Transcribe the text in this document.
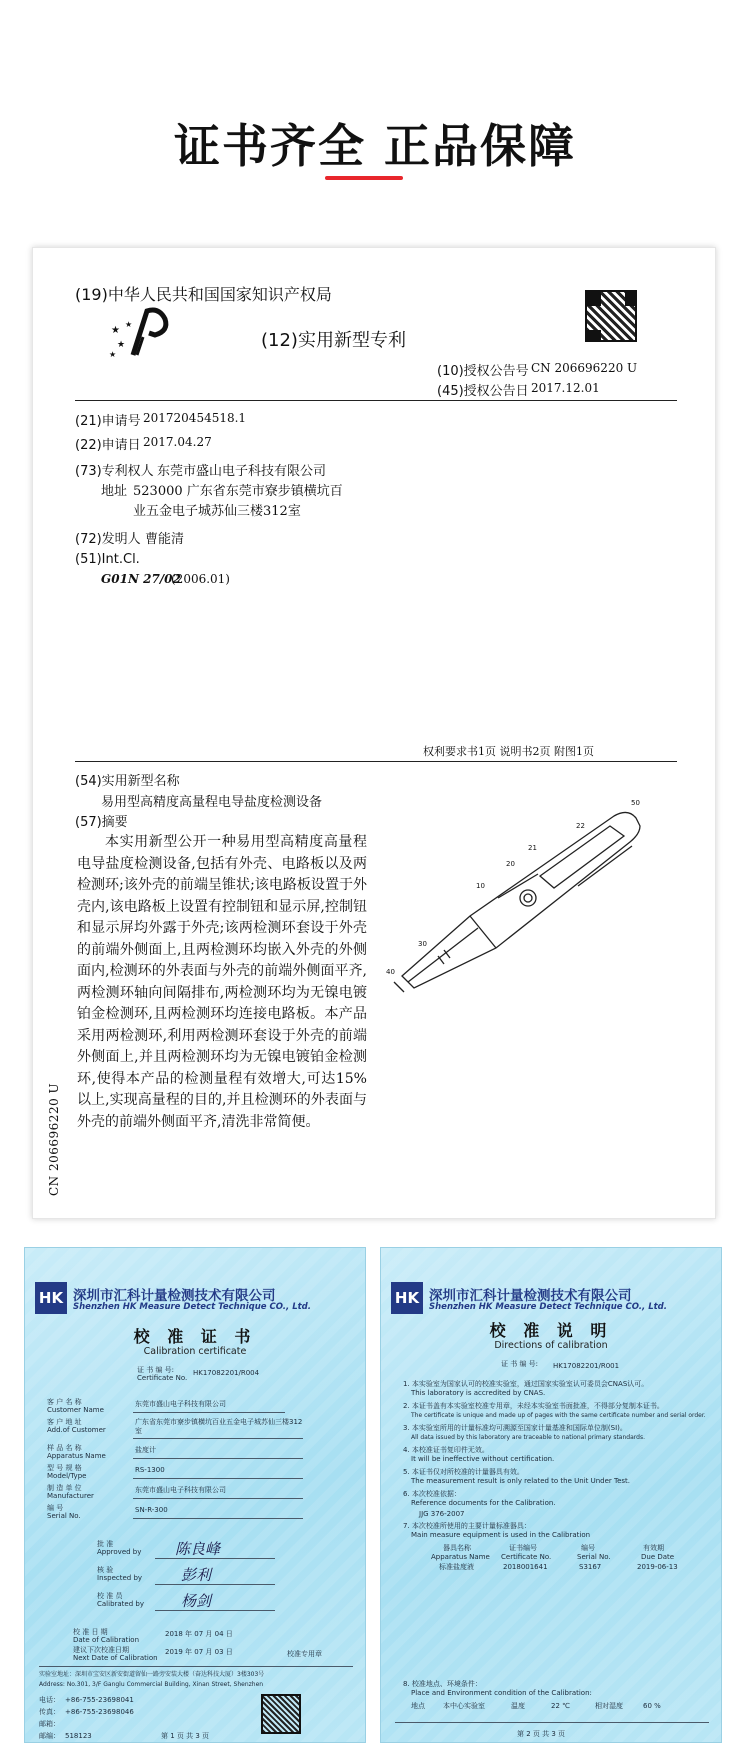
证书齐全 正品保障
(19)中华人民共和国国家知识产权局
★
★
★
★
(12)实用新型专利
(10)授权公告号 CN 206696220 U
(45)授权公告日 2017.12.01
(21)申请号 201720454518.1
(22)申请日 2017.04.27
(73)专利权人 东莞市盛山电子科技有限公司
地址 523000 广东省东莞市寮步镇横坑百
业五金电子城苏仙三楼312室
(72)发明人 曹能清
(51)Int.Cl.
G01N 27/02
(2006.01)
权利要求书1页 说明书2页 附图1页
(54)实用新型名称
易用型高精度高量程电导盐度检测设备
(57)摘要
本实用新型公开一种易用型高精度高量程电导盐度检测设备,包括有外壳、电路板以及两检测环;该外壳的前端呈锥状;该电路板设置于外壳内,该电路板上设置有控制钮和显示屏,控制钮和显示屏均外露于外壳;该两检测环套设于外壳的前端外侧面上,且两检测环均嵌入外壳的外侧面内,检测环的外表面与外壳的前端外侧面平齐,两检测环轴向间隔排布,两检测环均为无镍电镀铂金检测环,且两检测环均连接电路板。本产品采用两检测环,利用两检测环套设于外壳的前端外侧面上,并且两检测环均为无镍电镀铂金检测环,使得本产品的检测量程有效增大,可达15%以上,实现高量程的目的,并且检测环的外表面与外壳的前端外侧面平齐,清洗非常简便。
50
22
21
20
10
30
40
CN 206696220 U
HK 深圳市汇科计量检测技术有限公司
Shenzhen HK Measure Detect Technique CO., Ltd.
校 准 证 书
Calibration certificate
证 书 编 号:
Certificate No.
HK17082201/R004
客 户 名 称
Customer Name
东莞市盛山电子科技有限公司
客 户 地 址
Add.of Customer
广东省东莞市寮步镇横坑百业五金电子城苏仙三楼312室
样 品 名 称
Apparatus Name
盐度计
型 号 规 格
Model/Type
RS-1300
制 造 单 位
Manufacturer
东莞市盛山电子科技有限公司
编 号
Serial No.
SN-R-300
批 准
Approved by 陈良峰
核 验
Inspected by	彭利
校 准 员
Calibrated by 杨剑
校 准 日 期
Date of Calibration
2018 年 07 月 04 日
建议下次校准日期
Next Date of Calibration
2019 年 07 月 03 日	校准专用章
实验室地址：深圳市宝安区新安街道留仙一路旁安装大楼（奋达科技大厦）3楼303号
Address: No.301, 3/F Ganglu Commercial Building, Xinan Street, Shenzhen
电话： +86-755-23698041
传真： +86-755-23698046
邮箱：
邮编： 518123	第 1 页 共 3 页
HK 深圳市汇科计量检测技术有限公司
Shenzhen HK Measure Detect Technique CO., Ltd.
校 准 说 明
Directions of calibration
证 书 编 号: HK17082201/R001
1. 本实验室为国家认可的校准实验室，通过国家实验室认可委员会CNAS认可。
This laboratory is accredited by CNAS.
2. 本证书盖有本实验室校准专用章，未经本实验室书面批准，不得部分复制本证书。
The certificate is unique and made up of pages with the same certificate number and serial order.
3. 本实验室所用的计量标准均可溯源至国家计量基准和国际单位制(SI)。
All data issued by this laboratory are traceable to national primary standards.
4. 本校准证书复印件无效。
It will be ineffective without certification.
5. 本证书仅对所校准的计量器具有效。
The measurement result is only related to the Unit Under Test.
6. 本次校准依据：
Reference documents for the Calibration.
JJG 376-2007
7. 本次校准所使用的主要计量标准器具：
Main measure equipment is used in the Calibration
器具名称	证书编号	编号	有效期
Apparatus Name Certificate No.	Serial No.	Due Date
标准盐度液	2018001641	S3167	2019-06-13
8. 校准地点、环境条件：
Place and Environment condition of the Calibration:
地点	本中心实验室	温度	22 ℃	相对湿度	60 %
第 2 页 共 3 页
